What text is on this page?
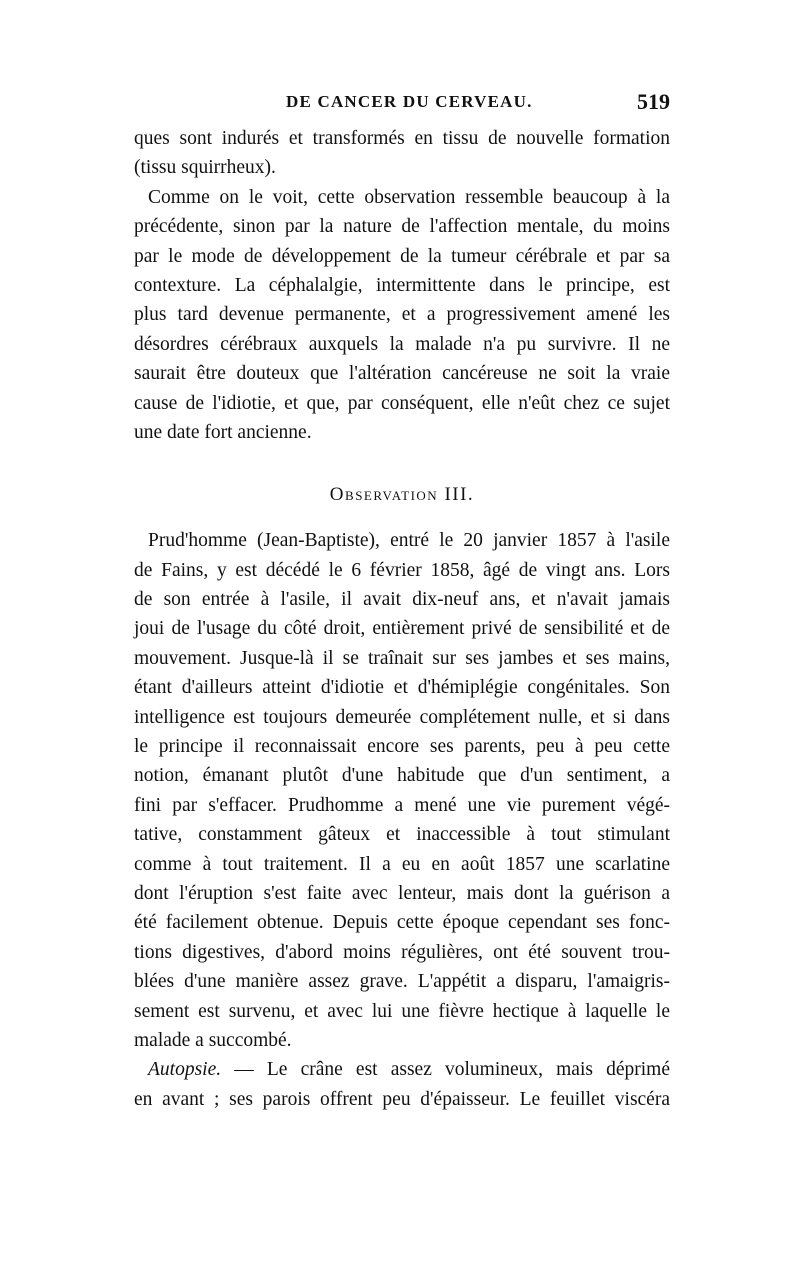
DE CANCER DU CERVEAU.	519
ques sont indurés et transformés en tissu de nouvelle formation
(tissu squirrheux).
Comme on le voit, cette observation ressemble beaucoup à la
précédente, sinon par la nature de l'affection mentale, du moins
par le mode de développement de la tumeur cérébrale et par sa
contexture. La céphalalgie, intermittente dans le principe, est
plus tard devenue permanente, et a progressivement amené les
désordres cérébraux auxquels la malade n'a pu survivre. Il ne
saurait être douteux que l'altération cancéreuse ne soit la vraie
cause de l'idiotie, et que, par conséquent, elle n'eût chez ce sujet
une date fort ancienne.
Observation III.
Prud'homme (Jean-Baptiste), entré le 20 janvier 1857 à l'asile
de Fains, y est décédé le 6 février 1858, âgé de vingt ans. Lors
de son entrée à l'asile, il avait dix-neuf ans, et n'avait jamais
joui de l'usage du côté droit, entièrement privé de sensibilité et de
mouvement. Jusque-là il se traînait sur ses jambes et ses mains,
étant d'ailleurs atteint d'idiotie et d'hémiplégie congénitales. Son
intelligence est toujours demeurée complétement nulle, et si dans
le principe il reconnaissait encore ses parents, peu à peu cette
notion, émanant plutôt d'une habitude que d'un sentiment, a
fini par s'effacer. Prudhomme a mené une vie purement végé-
tative, constamment gâteux et inaccessible à tout stimulant
comme à tout traitement. Il a eu en août 1857 une scarlatine
dont l'éruption s'est faite avec lenteur, mais dont la guérison a
été facilement obtenue. Depuis cette époque cependant ses fonc-
tions digestives, d'abord moins régulières, ont été souvent trou-
blées d'une manière assez grave. L'appétit a disparu, l'amaigris-
sement est survenu, et avec lui une fièvre hectique à laquelle le
malade a succombé.
Autopsie. — Le crâne est assez volumineux, mais déprimé
en avant ; ses parois offrent peu d'épaisseur. Le feuillet viscéra
